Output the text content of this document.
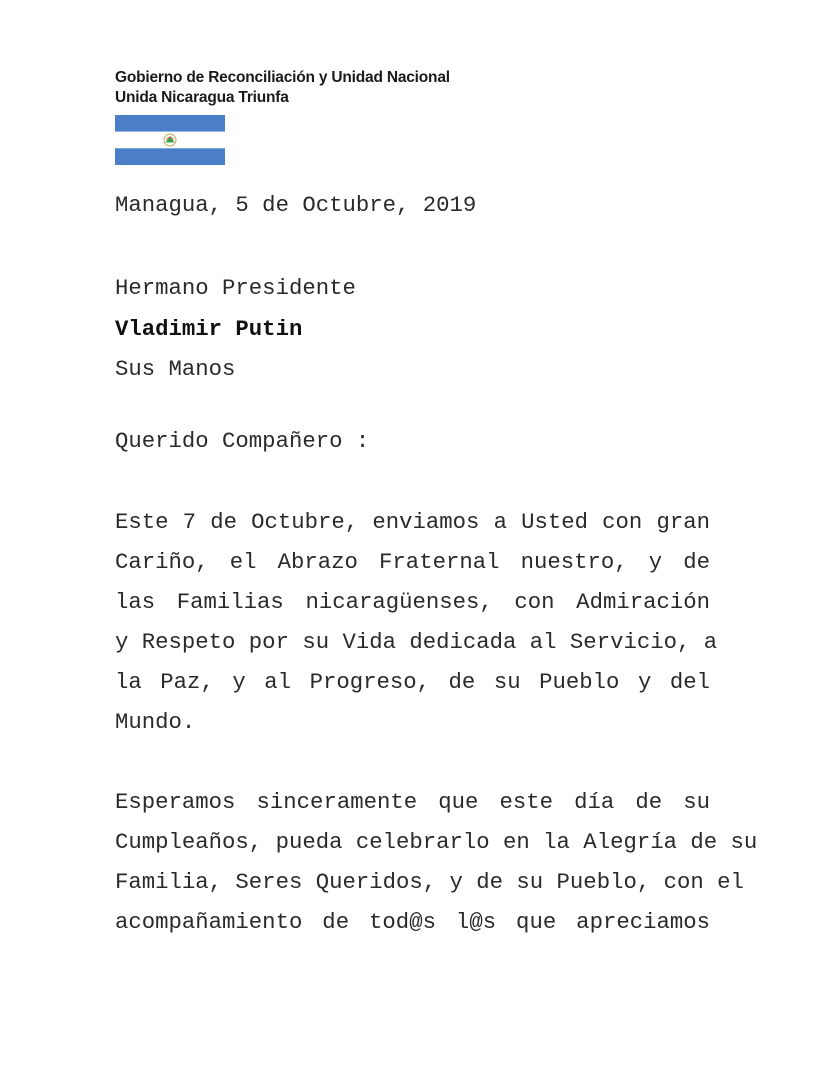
Gobierno de Reconciliación y Unidad Nacional
Unida Nicaragua Triunfa
Managua, 5 de Octubre, 2019
Hermano Presidente
Vladimir Putin
Sus Manos
Querido Compañero :
Este 7 de Octubre, enviamos a Usted con gran
Cariño, el Abrazo Fraternal nuestro, y de
las Familias nicaragüenses, con Admiración
y Respeto por su Vida dedicada al Servicio, a
la Paz, y al Progreso, de su Pueblo y del
Mundo.
Esperamos sinceramente que este día de su
Cumpleaños, pueda celebrarlo en la Alegría de su
Familia, Seres Queridos, y de su Pueblo, con el
acompañamiento de tod@s l@s que apreciamos
